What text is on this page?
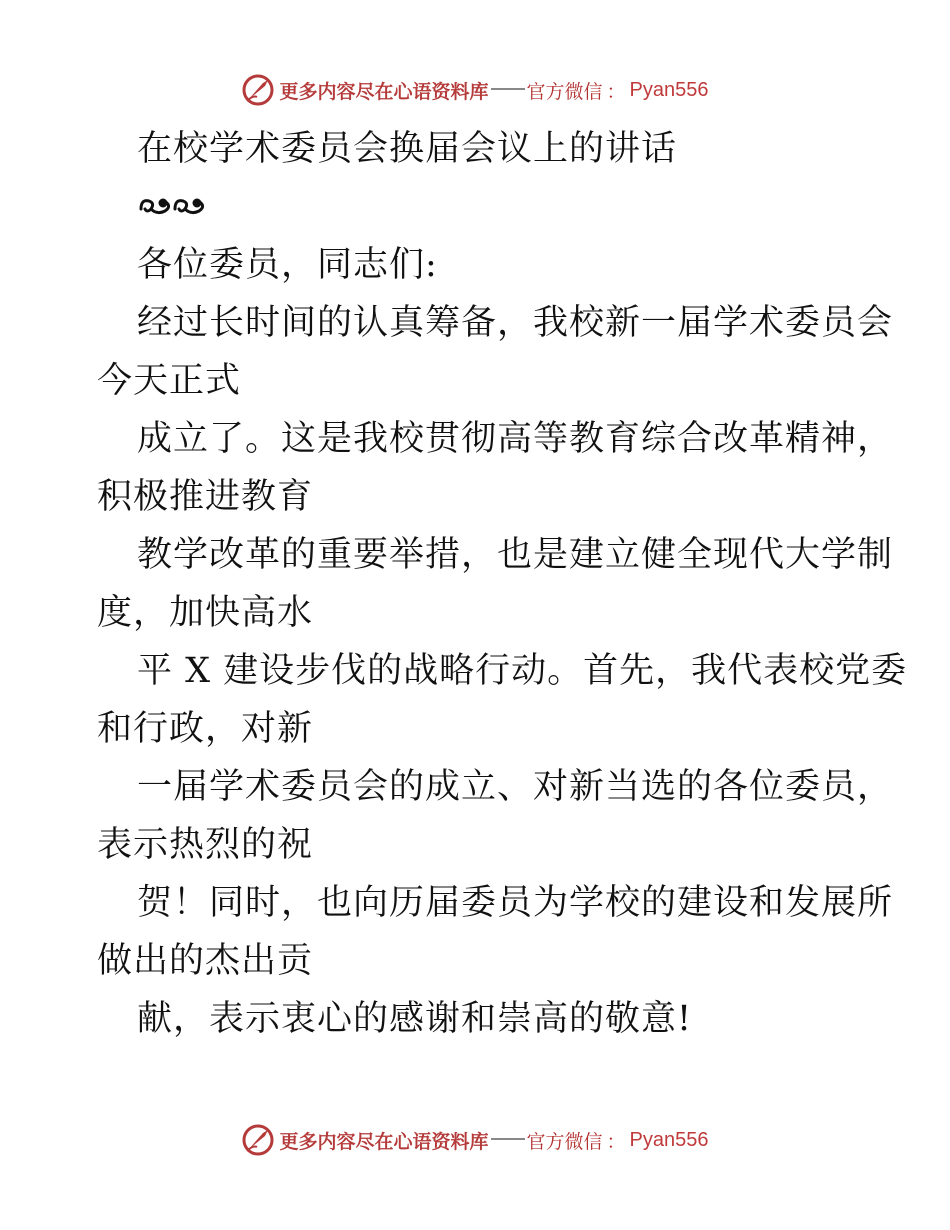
更多内容尽在心语资料库 官方微信 ： Pyan556
在校学术委员会换届会议上的讲话
各位委员，同志们:
经过长时间的认真筹备，我校新一届学术委员会
今天正式
成立了。这是我校贯彻高等教育综合改革精神，
积极推进教育
教学改革的重要举措，也是建立健全现代大学制
度，加快高水
平 X 建设步伐的战略行动。首先，我代表校党委
和行政，对新
一届学术委员会的成立、对新当选的各位委员，
表示热烈的祝
贺！同时，也向历届委员为学校的建设和发展所
做出的杰出贡
献，表示衷心的感谢和崇高的敬意!
更多内容尽在心语资料库 官方微信 ： Pyan556
